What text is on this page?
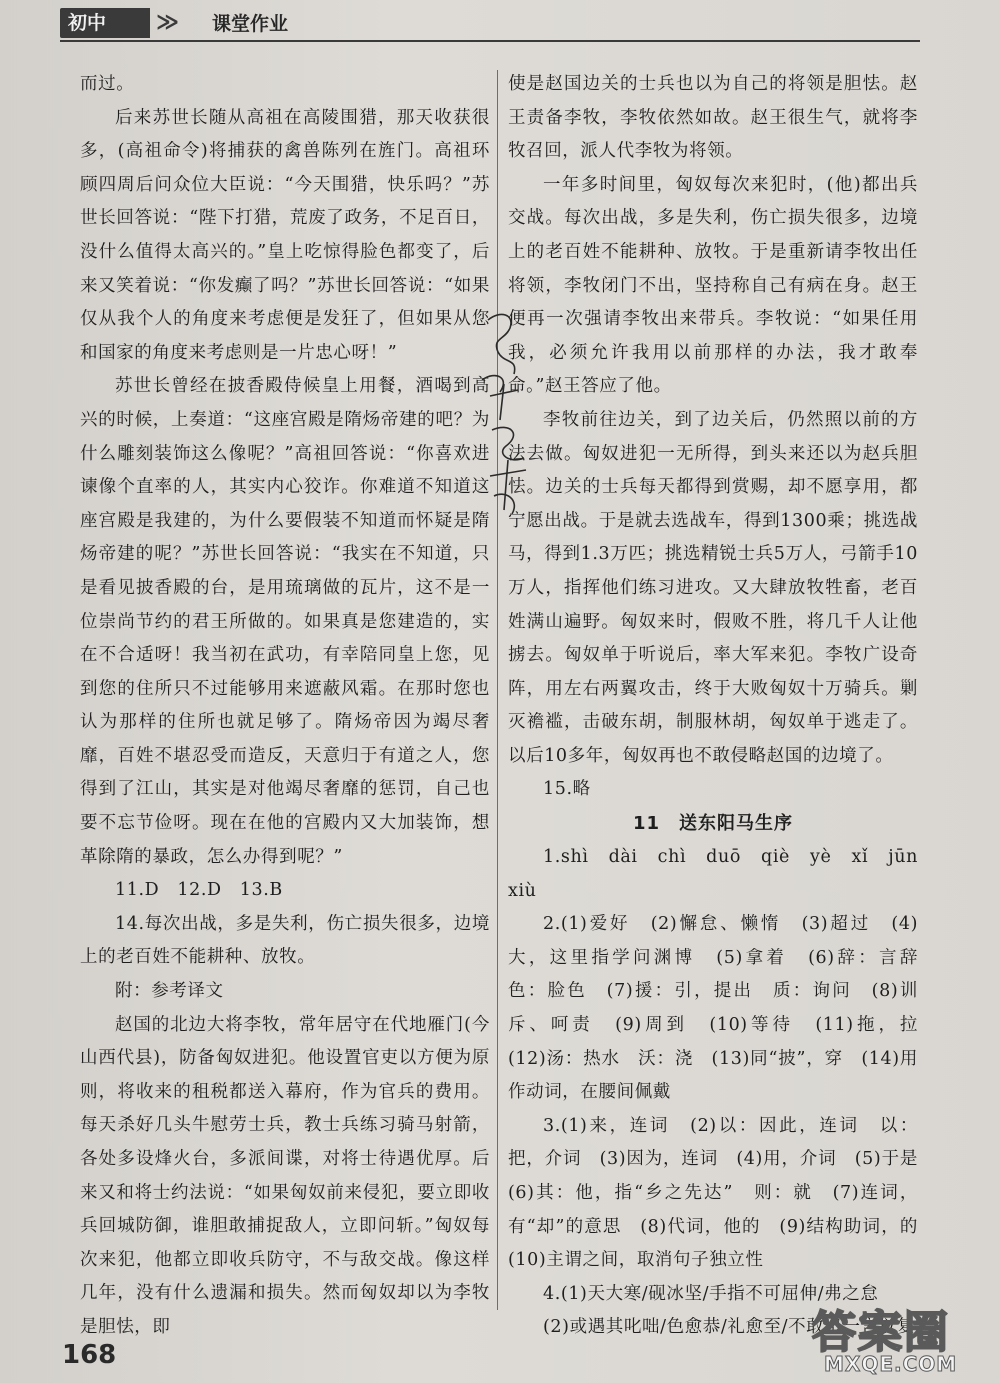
初中	≫ 课堂作业

而过。

后来苏世长随从高祖在高陵围猎，那天收获很多，(高祖命令)将捕获的禽兽陈列在旌门。高祖环顾四周后问众位大臣说：“今天围猎，快乐吗？”苏世长回答说：“陛下打猎，荒废了政务，不足百日，没什么值得太高兴的。”皇上吃惊得脸色都变了，后来又笑着说：“你发癫了吗？”苏世长回答说：“如果仅从我个人的角度来考虑便是发狂了，但如果从您和国家的角度来考虑则是一片忠心呀！”

苏世长曾经在披香殿侍候皇上用餐，酒喝到高兴的时候，上奏道：“这座宫殿是隋炀帝建的吧？为什么雕刻装饰这么像呢？”高祖回答说：“你喜欢进谏像个直率的人，其实内心狡诈。你难道不知道这座宫殿是我建的，为什么要假装不知道而怀疑是隋炀帝建的呢？”苏世长回答说：“我实在不知道，只是看见披香殿的台，是用琉璃做的瓦片，这不是一位崇尚节约的君王所做的。如果真是您建造的，实在不合适呀！我当初在武功，有幸陪同皇上您，见到您的住所只不过能够用来遮蔽风霜。在那时您也认为那样的住所也就足够了。隋炀帝因为竭尽奢靡，百姓不堪忍受而造反，天意归于有道之人，您得到了江山，其实是对他竭尽奢靡的惩罚，自己也要不忘节俭呀。现在在他的宫殿内又大加装饰，想革除隋的暴政，怎么办得到呢？”

11.D　12.D　13.B

14.每次出战，多是失利，伤亡损失很多，边境上的老百姓不能耕种、放牧。

附：参考译文

赵国的北边大将李牧，常年居守在代地雁门(今山西代县)，防备匈奴进犯。他设置官吏以方便为原则，将收来的租税都送入幕府，作为官兵的费用。每天杀好几头牛慰劳士兵，教士兵练习骑马射箭，各处多设烽火台，多派间谍，对将士待遇优厚。后来又和将士约法说：“如果匈奴前来侵犯，要立即收兵回城防御，谁胆敢捕捉敌人，立即问斩。”匈奴每次来犯，他都立即收兵防守，不与敌交战。像这样几年，没有什么遗漏和损失。然而匈奴却以为李牧是胆怯，即

使是赵国边关的士兵也以为自己的将领是胆怯。赵王责备李牧，李牧依然如故。赵王很生气，就将李牧召回，派人代李牧为将领。

一年多时间里，匈奴每次来犯时，(他)都出兵交战。每次出战，多是失利，伤亡损失很多，边境上的老百姓不能耕种、放牧。于是重新请李牧出任将领，李牧闭门不出，坚持称自己有病在身。赵王便再一次强请李牧出来带兵。李牧说：“如果任用我，必须允许我用以前那样的办法，我才敢奉命。”赵王答应了他。

李牧前往边关，到了边关后，仍然照以前的方法去做。匈奴进犯一无所得，到头来还以为赵兵胆怯。边关的士兵每天都得到赏赐，却不愿享用，都宁愿出战。于是就去选战车，得到1300乘；挑选战马，得到1.3万匹；挑选精锐士兵5万人，弓箭手10万人，指挥他们练习进攻。又大肆放牧牲畜，老百姓满山遍野。匈奴来时，假败不胜，将几千人让他掳去。匈奴单于听说后，率大军来犯。李牧广设奇阵，用左右两翼攻击，终于大败匈奴十万骑兵。剿灭襜褴，击破东胡，制服林胡，匈奴单于逃走了。以后10多年，匈奴再也不敢侵略赵国的边境了。

15.略

11　送东阳马生序

1.shì　dài　chì　duō　qiè　yè　xǐ　jūn　xiù

2.(1)爱好　(2)懈怠、懒惰　(3)超过　(4)大，这里指学问渊博　(5)拿着　(6)辞：言辞　色：脸色　(7)援：引，提出　质：询问　(8)训斥、呵责　(9)周到　(10)等待　(11)拖，拉　(12)汤：热水　沃：浇　(13)同“披”，穿　(14)用作动词，在腰间佩戴

3.(1)来，连词　(2)以：因此，连词　以：把，介词　(3)因为，连词　(4)用，介词　(5)于是　(6)其：他，指“乡之先达”　则：就　(7)连词，有“却”的意思　(8)代词，他的　(9)结构助词，的　(10)主谓之间，取消句子独立性

4.(1)天大寒/砚冰坚/手指不可屈伸/弗之怠

(2)或遇其叱咄/色愈恭/礼愈至/不敢出一言以复

168	答案圈
MXQE.COM
